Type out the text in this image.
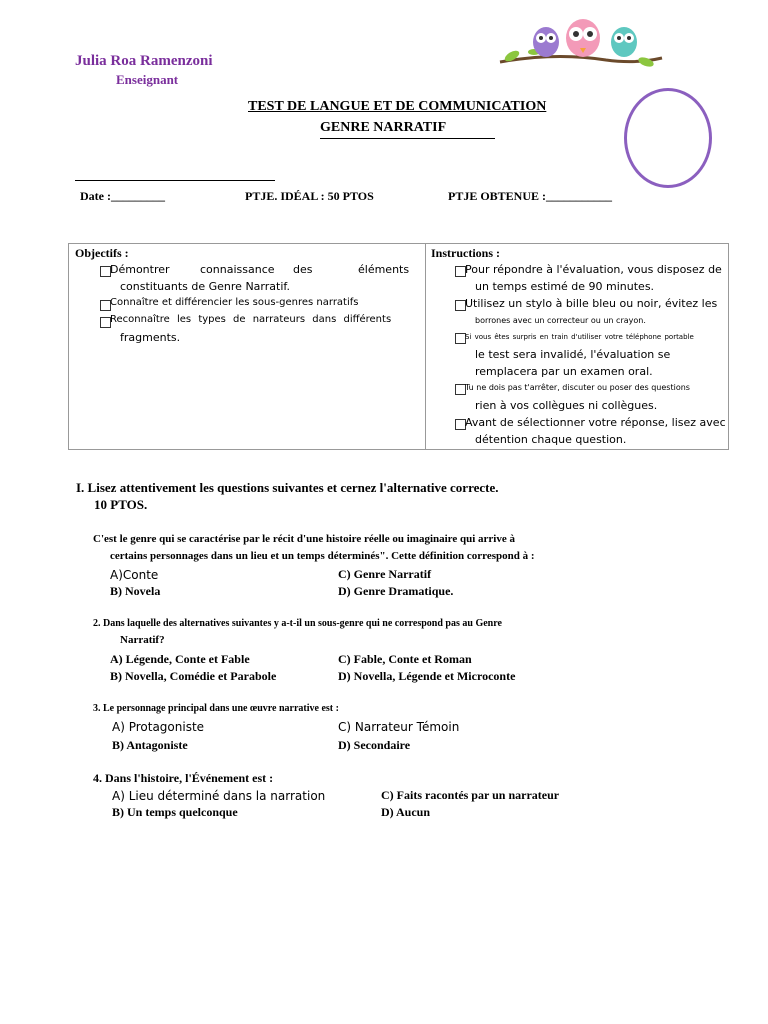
Julia Roa Ramenzoni
Enseignant
TEST DE LANGUE ET DE COMMUNICATION
GENRE NARRATIF
Date :_________	PTJE. IDÉAL : 50 PTOS	PTJE OBTENUE :___________
Objectifs :
Démontrer	connaissance des	éléments
constituants de Genre Narratif.
Connaître et différencier les sous-genres narratifs
Reconnaître les types de narrateurs dans différents
fragments.
Instructions :
Pour répondre à l'évaluation, vous disposez de
un temps estimé de 90 minutes.
Utilisez un stylo à bille bleu ou noir, évitez les
borrones avec un correcteur ou un crayon.
Si vous êtes surpris en train d'utiliser votre téléphone portable
le test sera invalidé, l'évaluation se
remplacera par un examen oral.
Tu ne dois pas t'arrêter, discuter ou poser des questions
rien à vos collègues ni collègues.
Avant de sélectionner votre réponse, lisez avec
détention chaque question.
I. Lisez attentivement les questions suivantes et cernez l'alternative correcte.
10 PTOS.
C'est le genre qui se caractérise par le récit d'une histoire réelle ou imaginaire qui arrive à
certains personnages dans un lieu et un temps déterminés". Cette définition correspond à :
A)Conte
B) Novela
C) Genre Narratif
D) Genre Dramatique.
2. Dans laquelle des alternatives suivantes y a-t-il un sous-genre qui ne correspond pas au Genre
Narratif?
A) Légende, Conte et Fable
B) Novella, Comédie et Parabole
C) Fable, Conte et Roman
D) Novella, Légende et Microconte
3. Le personnage principal dans une œuvre narrative est :
A) Protagoniste
B) Antagoniste
C) Narrateur Témoin
D) Secondaire
4. Dans l'histoire, l'Événement est :
A) Lieu déterminé dans la narration
B) Un temps quelconque
C) Faits racontés par un narrateur
D) Aucun
